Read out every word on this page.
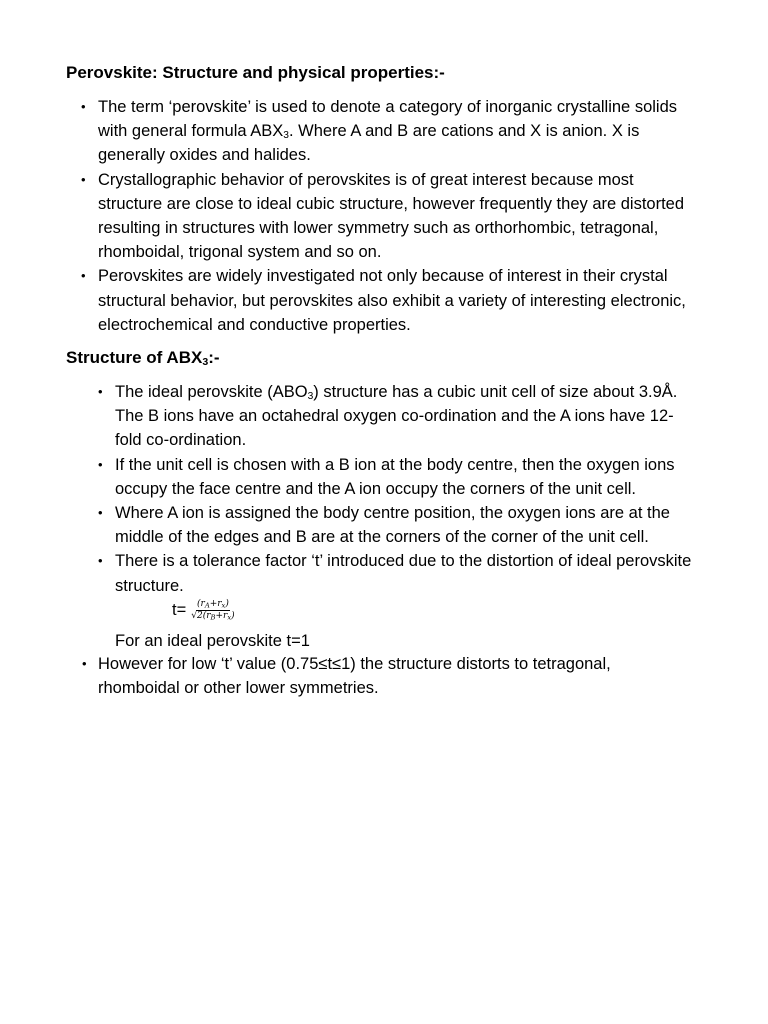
Perovskite: Structure and physical properties:-
• The term ‘perovskite’ is used to denote a category of inorganic crystalline solids with general formula $ABX_3$. Where A and B are cations and X is anion. X is generally oxides and halides.
• Crystallographic behavior of perovskites is of great interest because most structure are close to ideal cubic structure, however frequently they are distorted resulting in structures with lower symmetry such as orthorhombic, tetragonal, rhomboidal, trigonal system and so on.
• Perovskites are widely investigated not only because of interest in their crystal structural behavior, but perovskites also exhibit a variety of interesting electronic, electrochemical and conductive properties.
Structure of $ABX_3:-$
• The ideal perovskite $(ABO_3)$ structure has a cubic unit cell of size about 3.9Å. The B ions have an octahedral oxygen co-ordination and the A ions have 12-fold co-ordination.
• If the unit cell is chosen with a B ion at the body centre, then the oxygen ions occupy the face centre and the A ion occupy the corners of the unit cell.
• Where A ion is assigned the body centre position, the oxygen ions are at the middle of the edges and B are at the corners of the corner of the unit cell.
• There is a tolerance factor ‘t’ introduced due to the distortion of ideal perovskite structure.
$t= \frac{(r_A+r_x)}{√2(r_B+r_x)}$
For an ideal perovskite t=1
• However for low ‘t’ value (0.75≤t≤1) the structure distorts to tetragonal, rhomboidal or other lower symmetries.
